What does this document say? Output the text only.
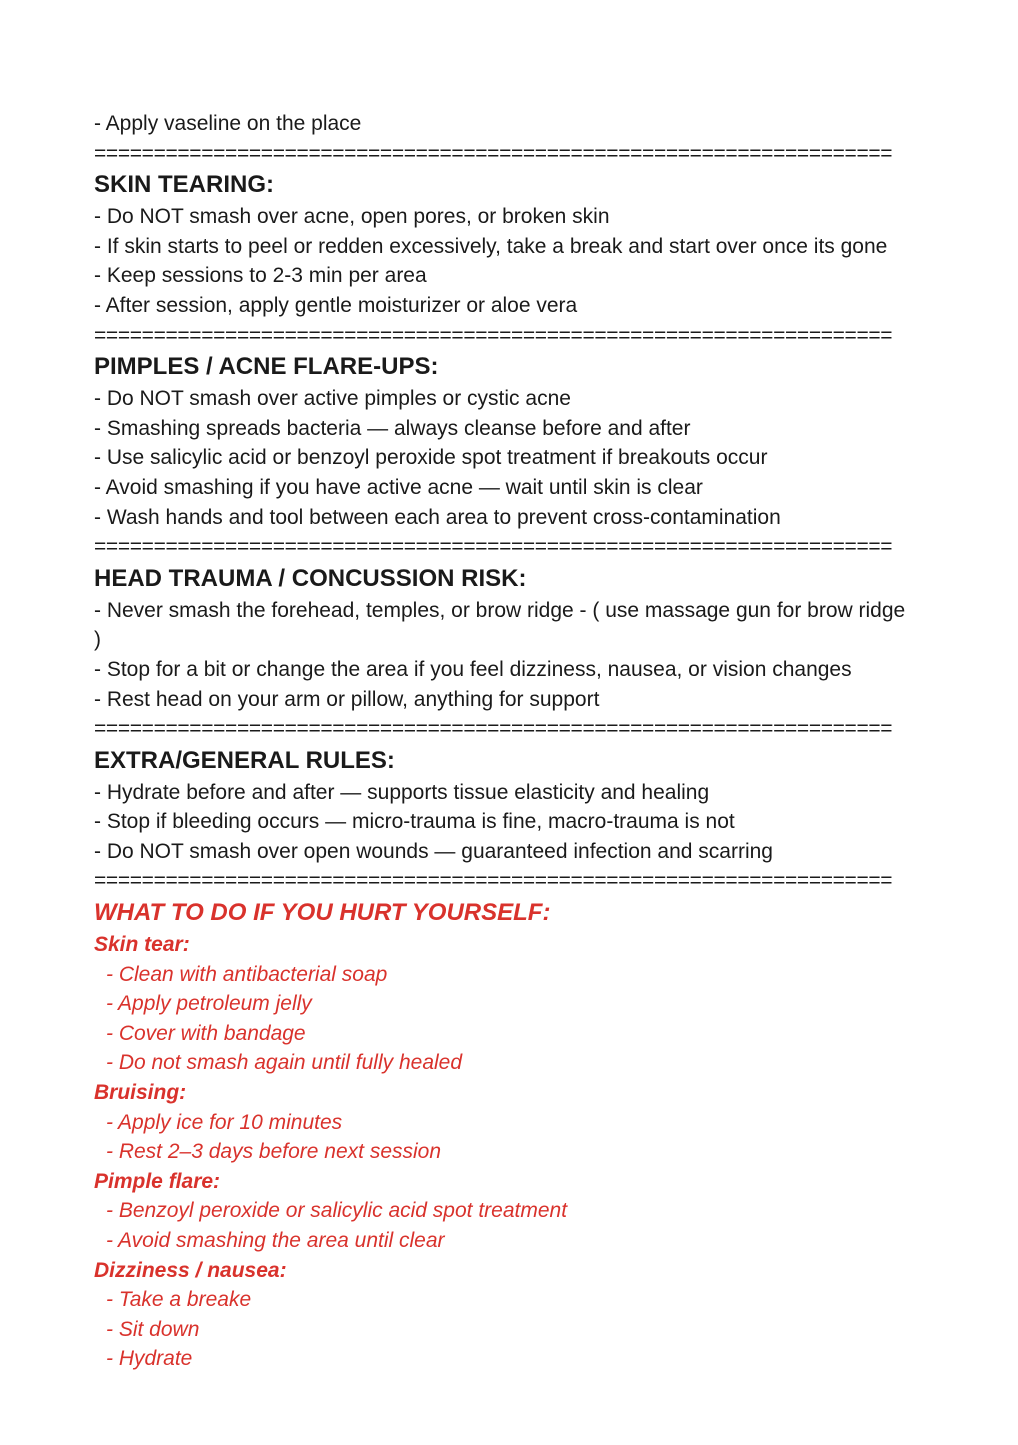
- Apply vaseline on the place
===================================================================
SKIN TEARING:
- Do NOT smash over acne, open pores, or broken skin
- If skin starts to peel or redden excessively, take a break and start over once its gone
- Keep sessions to 2-3 min per area
- After session, apply gentle moisturizer or aloe vera
===================================================================
PIMPLES / ACNE FLARE-UPS:
- Do NOT smash over active pimples or cystic acne
- Smashing spreads bacteria — always cleanse before and after
- Use salicylic acid or benzoyl peroxide spot treatment if breakouts occur
- Avoid smashing if you have active acne — wait until skin is clear
- Wash hands and tool between each area to prevent cross-contamination
===================================================================
HEAD TRAUMA / CONCUSSION RISK:
- Never smash the forehead, temples, or brow ridge - ( use massage gun for brow ridge )
- Stop for a bit or change the area if you feel dizziness, nausea, or vision changes
- Rest head on your arm or pillow, anything for support
===================================================================
EXTRA/GENERAL RULES:
- Hydrate before and after — supports tissue elasticity and healing
- Stop if bleeding occurs — micro-trauma is fine, macro-trauma is not
- Do NOT smash over open wounds — guaranteed infection and scarring
===================================================================
WHAT TO DO IF YOU HURT YOURSELF:
Skin tear:
- Clean with antibacterial soap
- Apply petroleum jelly
- Cover with bandage
- Do not smash again until fully healed
Bruising:
- Apply ice for 10 minutes
- Rest 2–3 days before next session
Pimple flare:
- Benzoyl peroxide or salicylic acid spot treatment
- Avoid smashing the area until clear
Dizziness / nausea:
- Take a breake
- Sit down
- Hydrate
